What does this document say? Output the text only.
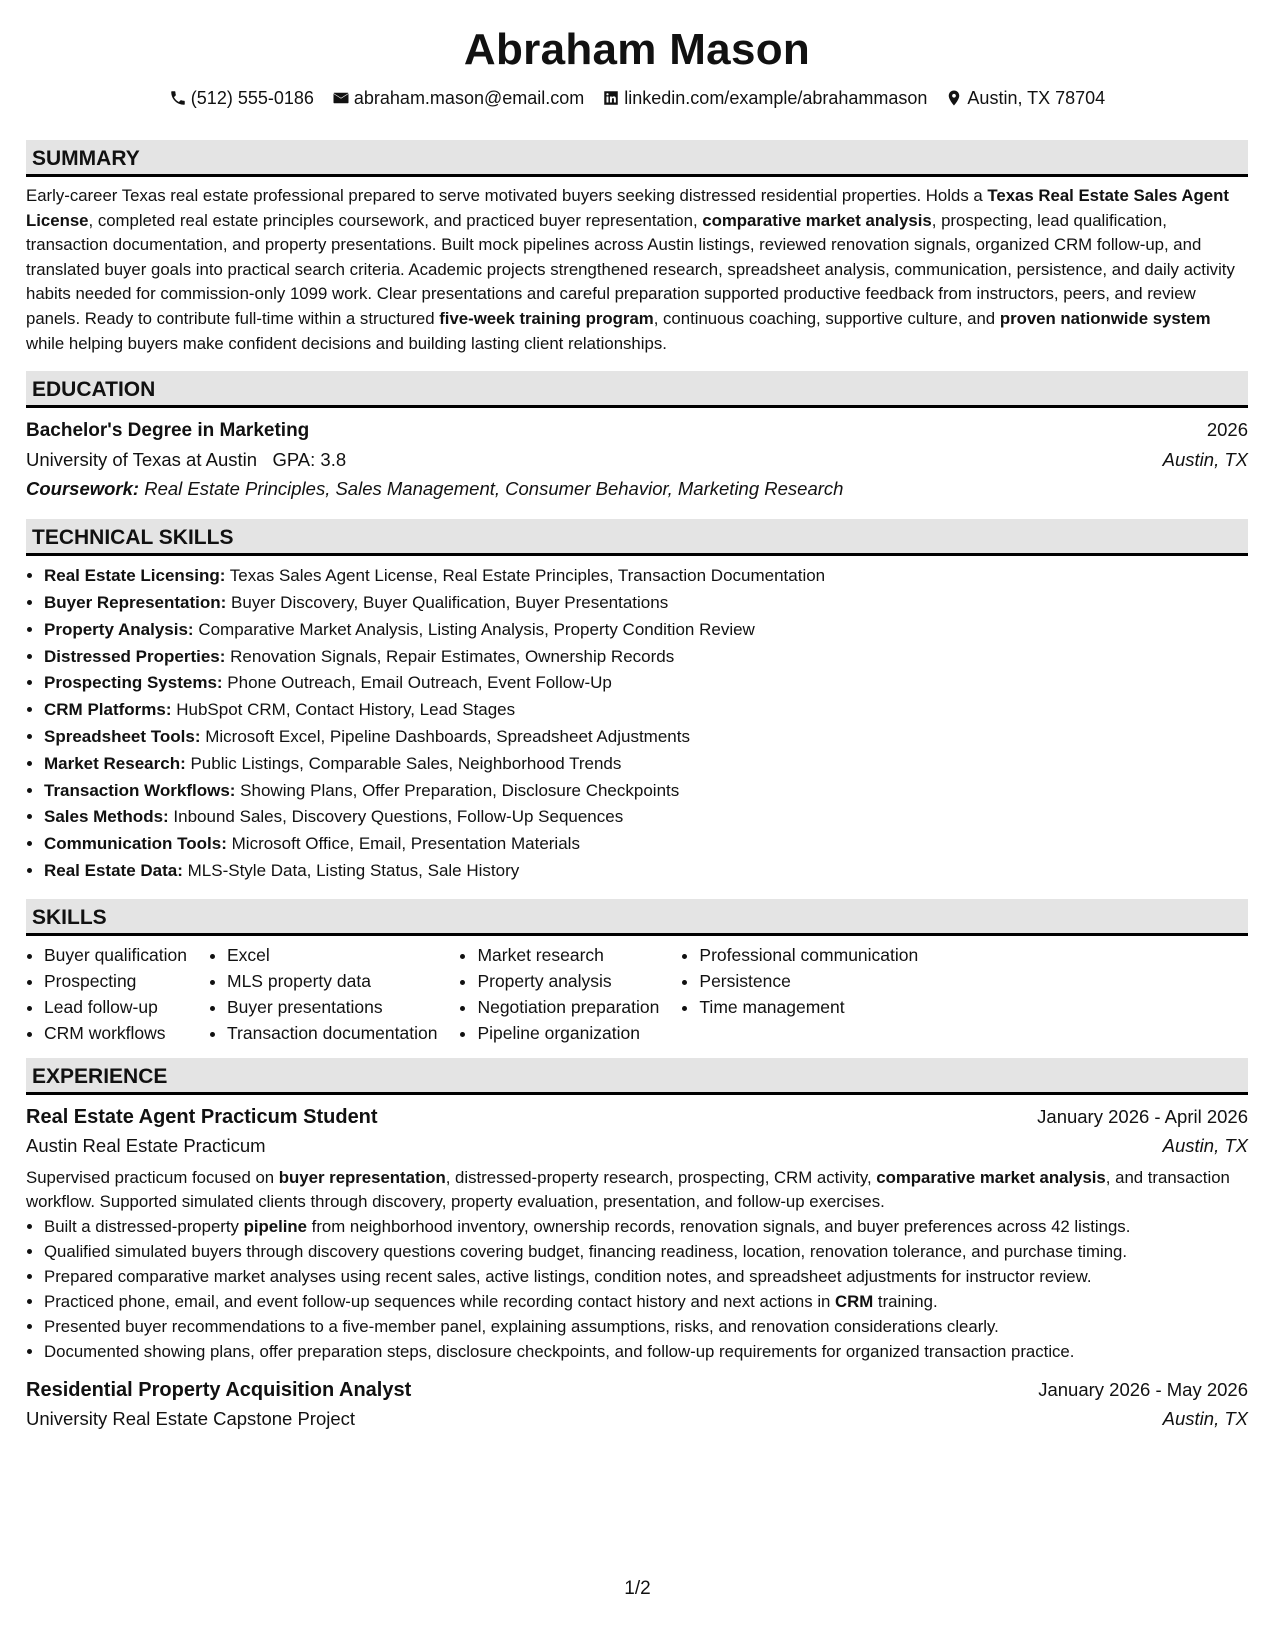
Abraham Mason
(512) 555-0186 abraham.mason@email.com linkedin.com/example/abrahammason Austin, TX 78704
SUMMARY
Early-career Texas real estate professional prepared to serve motivated buyers seeking distressed residential properties. Holds a Texas Real Estate Sales Agent License, completed real estate principles coursework, and practiced buyer representation, comparative market analysis, prospecting, lead qualification, transaction documentation, and property presentations. Built mock pipelines across Austin listings, reviewed renovation signals, organized CRM follow-up, and translated buyer goals into practical search criteria. Academic projects strengthened research, spreadsheet analysis, communication, persistence, and daily activity habits needed for commission-only 1099 work. Clear presentations and careful preparation supported productive feedback from instructors, peers, and review panels. Ready to contribute full-time within a structured five-week training program, continuous coaching, supportive culture, and proven nationwide system while helping buyers make confident decisions and building lasting client relationships.
EDUCATION
Bachelor's Degree in Marketing	2026
University of Texas at Austin GPA: 3.8	Austin, TX
Coursework: Real Estate Principles, Sales Management, Consumer Behavior, Marketing Research
TECHNICAL SKILLS
• Real Estate Licensing: Texas Sales Agent License, Real Estate Principles, Transaction Documentation
• Buyer Representation: Buyer Discovery, Buyer Qualification, Buyer Presentations
• Property Analysis: Comparative Market Analysis, Listing Analysis, Property Condition Review
• Distressed Properties: Renovation Signals, Repair Estimates, Ownership Records
• Prospecting Systems: Phone Outreach, Email Outreach, Event Follow-Up
• CRM Platforms: HubSpot CRM, Contact History, Lead Stages
• Spreadsheet Tools: Microsoft Excel, Pipeline Dashboards, Spreadsheet Adjustments
• Market Research: Public Listings, Comparable Sales, Neighborhood Trends
• Transaction Workflows: Showing Plans, Offer Preparation, Disclosure Checkpoints
• Sales Methods: Inbound Sales, Discovery Questions, Follow-Up Sequences
• Communication Tools: Microsoft Office, Email, Presentation Materials
• Real Estate Data: MLS-Style Data, Listing Status, Sale History
SKILLS
• Buyer qualification
• Prospecting
• Lead follow-up
• CRM workflows
• Excel
• MLS property data
• Buyer presentations
• Transaction documentation
• Market research
• Property analysis
• Negotiation preparation
• Pipeline organization
• Professional communication
• Persistence
• Time management
EXPERIENCE
Real Estate Agent Practicum Student	January 2026 - April 2026
Austin Real Estate Practicum	Austin, TX
Supervised practicum focused on buyer representation, distressed-property research, prospecting, CRM activity, comparative market analysis, and transaction workflow. Supported simulated clients through discovery, property evaluation, presentation, and follow-up exercises.
• Built a distressed-property pipeline from neighborhood inventory, ownership records, renovation signals, and buyer preferences across 42 listings.
• Qualified simulated buyers through discovery questions covering budget, financing readiness, location, renovation tolerance, and purchase timing.
• Prepared comparative market analyses using recent sales, active listings, condition notes, and spreadsheet adjustments for instructor review.
• Practiced phone, email, and event follow-up sequences while recording contact history and next actions in CRM training.
• Presented buyer recommendations to a five-member panel, explaining assumptions, risks, and renovation considerations clearly.
• Documented showing plans, offer preparation steps, disclosure checkpoints, and follow-up requirements for organized transaction practice.
Residential Property Acquisition Analyst	January 2026 - May 2026
University Real Estate Capstone Project	Austin, TX
1/2
